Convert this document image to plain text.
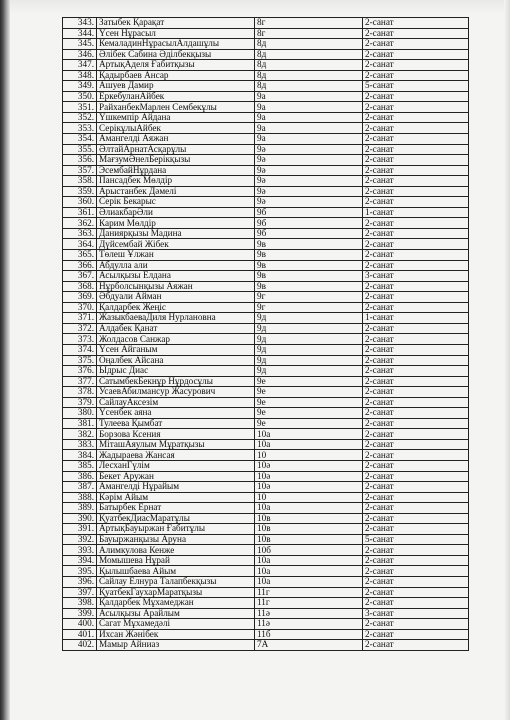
343.	Затыбек Қарақат	8г	2-санат
344.	Үсен Нұрасыл	8г	2-санат
345.	КемаладинНұрасылАлдашұлы	8д	2-санат
346.	Әлібек Сабина Әділбекқызы	8д	2-санат
347.	АртықАделя Ғабитқызы	8д	2-санат
348.	Қадырбаев Ансар	8д	2-санат
349.	Ашуев Дамир	8д	5-санат
350.	ЕркебуланАйбек	9а	2-санат
351.	РайханбекМарлен Сембекұлы	9а	2-санат
352.	Үшкемпір Айдана	9а	2-санат
353.	СерікұлыАйбек	9а	2-санат
354.	Амангелді Аяжан	9а	2-санат
355.	ӘлтайАрнатАсқарұлы	9ә	2-санат
356.	МағзумӘнелБерікқызы	9ә	2-санат
357.	ЭсембайНұрдана	9ә	2-санат
358.	Пансадбек Мөлдір	9ә	2-санат
359.	Арыстанбек Дәмелі	9ә	2-санат
360.	Серік Бекарыс	9ә	2-санат
361.	ӘлиакбарӘли	9б	1-санат
362.	Карим Мөлдір	9б	2-санат
363.	Даниярқызы Мадина	9б	2-санат
364.	Дүйсембай Жібек	9в	2-санат
365.	Төлеш Ұлжан	9в	2-санат
366.	Абдулла али	9в	2-санат
367.	Асылқызы Елдана	9в	3-санат
368.	Нұрболсынқызы Аяжан	9в	2-санат
369.	Әбдуали Айман	9г	2-санат
370.	Қалдарбек Жеңіс	9г	2-санат
371.	ЖазыкбаеваДиля Нурлановна	9д	1-санат
372.	Алдабек Қанат	9д	2-санат
373.	Жолдасов Санжар	9д	2-санат
374.	Үсен Айганым	9д	2-санат
375.	Оңалбек Айсана	9д	2-санат
376.	Ыдрыс Диас	9д	2-санат
377.	СатымбекБекнұр Нұрдосұлы	9е	2-санат
378.	УсаевАбилмансур Жасурович	9е	2-санат
379.	СайлауАксезім	9е	2-санат
380.	Үсенбек аяна	9е	2-санат
381.	Тулеева Қымбат	9е	2-санат
382.	Борзова Ксения	10а	2-санат
383.	МіташАяулым Мұратқызы	10а	2-санат
384.	Жадыраева Жансая	10	2-санат
385.	ЛесханГүлім	10ә	2-санат
386.	Бекет Аружан	10ә	2-санат
387.	Амангелді Нұрайым	10ә	2-санат
388.	Кәрім Айым	10	2-санат
389.	Батырбек Ернат	10а	2-санат
390.	ҚуатбекДиасМаратұлы	10в	2-санат
391.	АртықБауыржан Ғабитұлы	10в	2-санат
392.	Бауыржанқызы Аруна	10в	5-санат
393.	Алимкулова Кенже	10б	2-санат
394.	Момышева Нұрай	10а	2-санат
395.	Қылышбаева Айым	10а	2-санат
396.	Сайлау Елнура Талапбекқызы	10а	2-санат
397.	ҚуатбекГаухарМаратқызы	11г	2-санат
398.	Қалдарбек Мұхамеджан	11г	2-санат
399.	Асылқызы Арайлым	11ә	3-санат
400.	Сагат Мұхамедәлі	11ә	2-санат
401.	Ихсан Жәнібек	11б	2-санат
402.	Мамыр Айниаз	7А	2-санат
